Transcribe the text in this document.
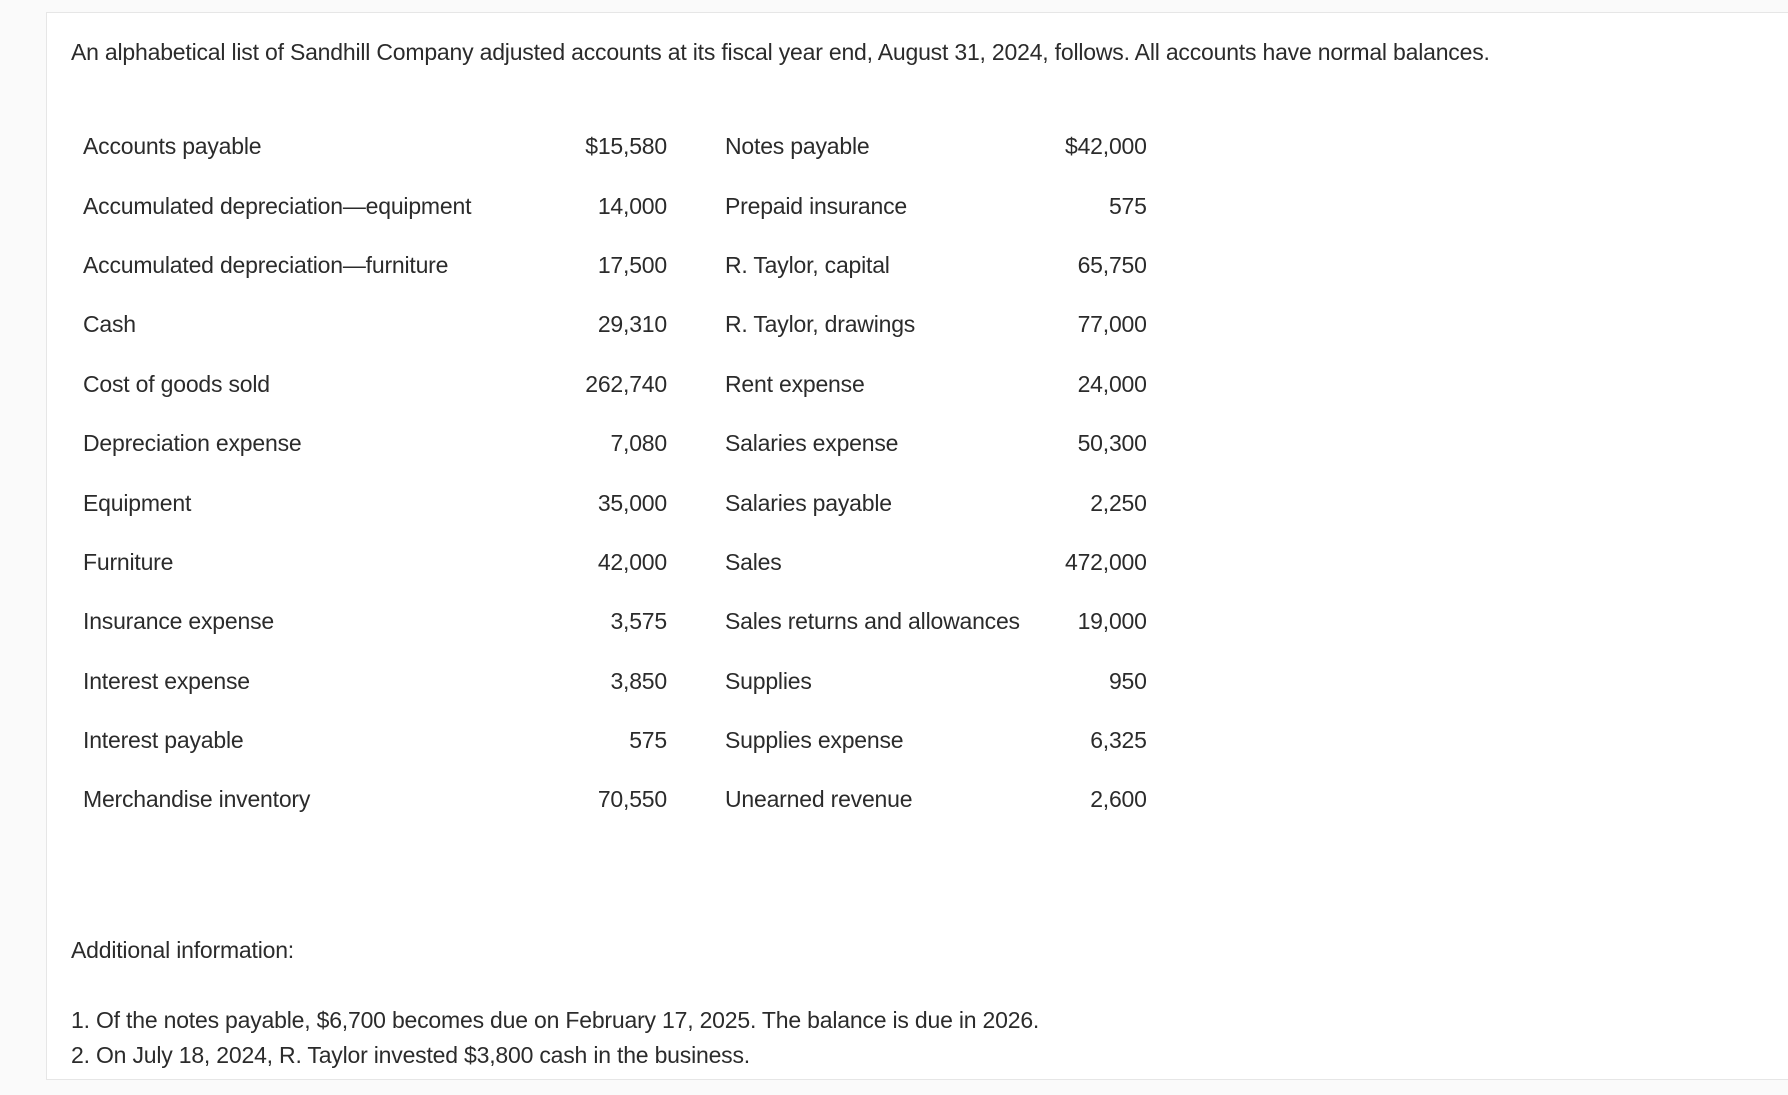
An alphabetical list of Sandhill Company adjusted accounts at its fiscal year end, August 31, 2024, follows. All accounts have normal balances.
Accounts payable	$15,580		Notes payable	$42,000
Accumulated depreciation—equipment	14,000		Prepaid insurance	575
Accumulated depreciation—furniture	17,500		R. Taylor, capital	65,750
Cash	29,310		R. Taylor, drawings	77,000
Cost of goods sold	262,740		Rent expense	24,000
Depreciation expense	7,080		Salaries expense	50,300
Equipment	35,000		Salaries payable	2,250
Furniture	42,000		Sales	472,000
Insurance expense	3,575		Sales returns and allowances	19,000
Interest expense	3,850		Supplies	950
Interest payable	575		Supplies expense	6,325
Merchandise inventory	70,550		Unearned revenue	2,600
Additional information:
1. Of the notes payable, $6,700 becomes due on February 17, 2025. The balance is due in 2026.
2. On July 18, 2024, R. Taylor invested $3,800 cash in the business.
